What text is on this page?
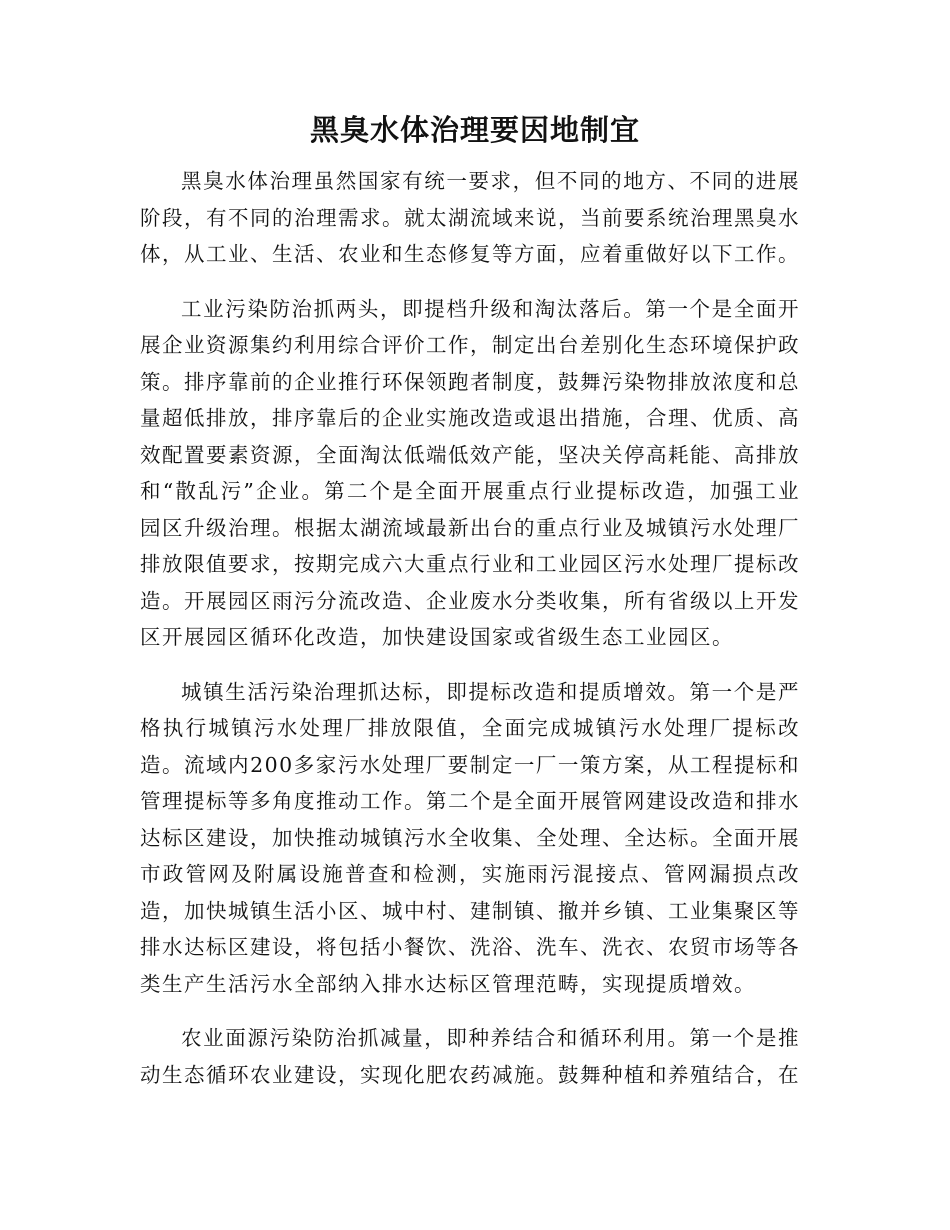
黑臭水体治理要因地制宜

黑臭水体治理虽然国家有统一要求，但不同的地方、不同的进展阶段，有不同的治理需求。就太湖流域来说，当前要系统治理黑臭水体，从工业、生活、农业和生态修复等方面，应着重做好以下工作。

工业污染防治抓两头，即提档升级和淘汰落后。第一个是全面开展企业资源集约利用综合评价工作，制定出台差别化生态环境保护政策。排序靠前的企业推行环保领跑者制度，鼓舞污染物排放浓度和总量超低排放，排序靠后的企业实施改造或退出措施，合理、优质、高效配置要素资源，全面淘汰低端低效产能，坚决关停高耗能、高排放和“散乱污”企业。第二个是全面开展重点行业提标改造，加强工业园区升级治理。根据太湖流域最新出台的重点行业及城镇污水处理厂排放限值要求，按期完成六大重点行业和工业园区污水处理厂提标改造。开展园区雨污分流改造、企业废水分类收集，所有省级以上开发区开展园区循环化改造，加快建设国家或省级生态工业园区。

城镇生活污染治理抓达标，即提标改造和提质增效。第一个是严格执行城镇污水处理厂排放限值，全面完成城镇污水处理厂提标改造。流域内200多家污水处理厂要制定一厂一策方案，从工程提标和管理提标等多角度推动工作。第二个是全面开展管网建设改造和排水达标区建设，加快推动城镇污水全收集、全处理、全达标。全面开展市政管网及附属设施普查和检测，实施雨污混接点、管网漏损点改造，加快城镇生活小区、城中村、建制镇、撤并乡镇、工业集聚区等排水达标区建设，将包括小餐饮、洗浴、洗车、洗衣、农贸市场等各类生产生活污水全部纳入排水达标区管理范畴，实现提质增效。

农业面源污染防治抓减量，即种养结合和循环利用。第一个是推动生态循环农业建设，实现化肥农药减施。鼓舞种植和养殖结合，在
